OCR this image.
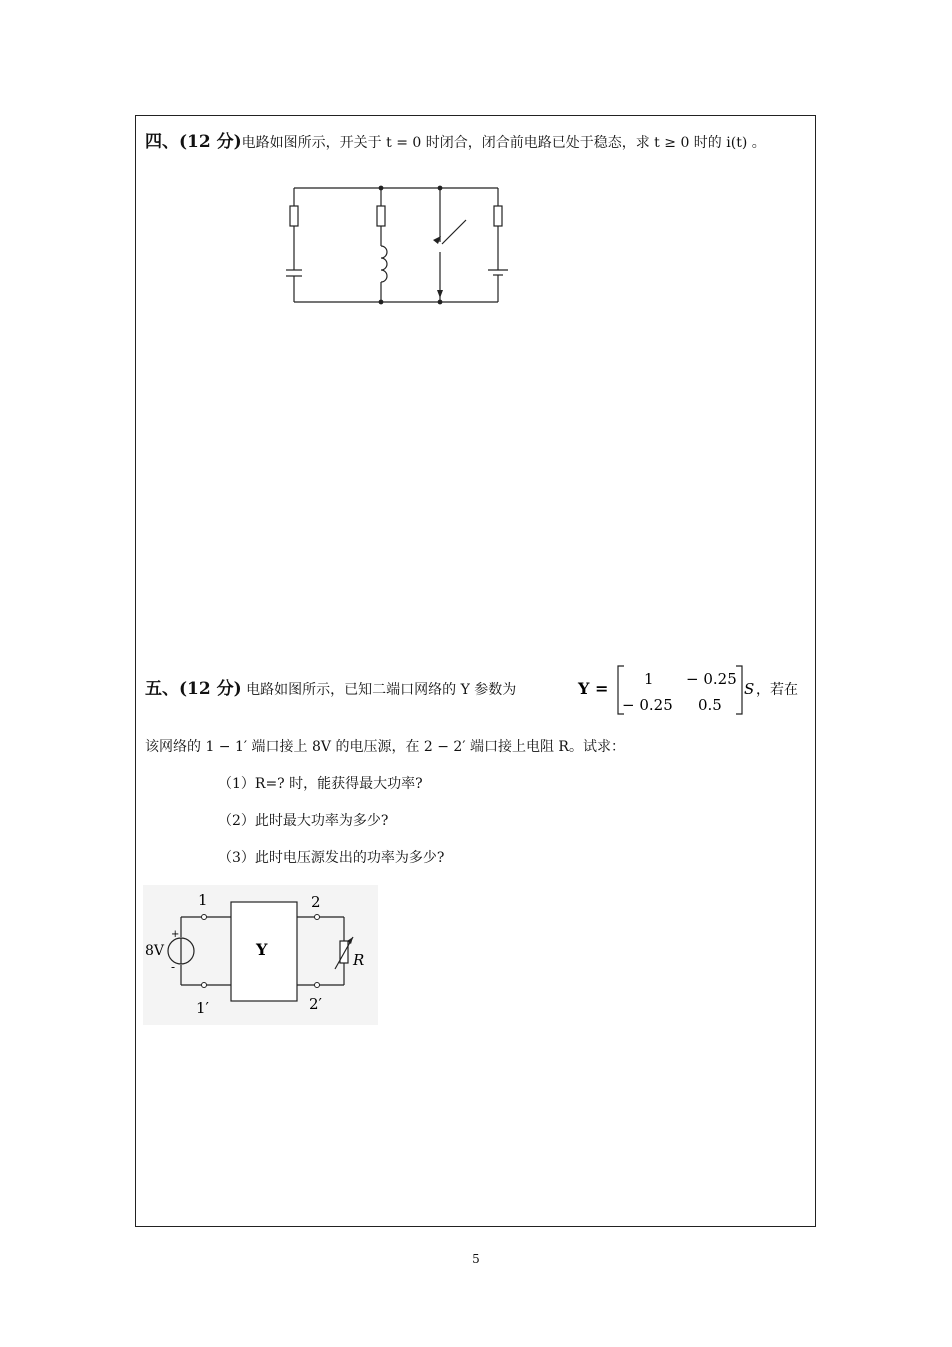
四、(12 分)电路如图所示，开关于 t = 0 时闭合，闭合前电路已处于稳态，求 t ≥ 0 时的 i(t) 。
五、(12 分) 电路如图所示，已知二端口网络的 Y 参数为	Y = 1 − 0.25
− 0.25 0.5
S ，若在
该网络的 1 − 1′ 端口接上 8V 的电压源，在 2 − 2′ 端口接上电阻 R。试求：
（1）R=? 时，能获得最大功率?
（2）此时最大功率为多少?
（3）此时电压源发出的功率为多少?
1
1′
2
2′
8V
+
-
Y
R
5
